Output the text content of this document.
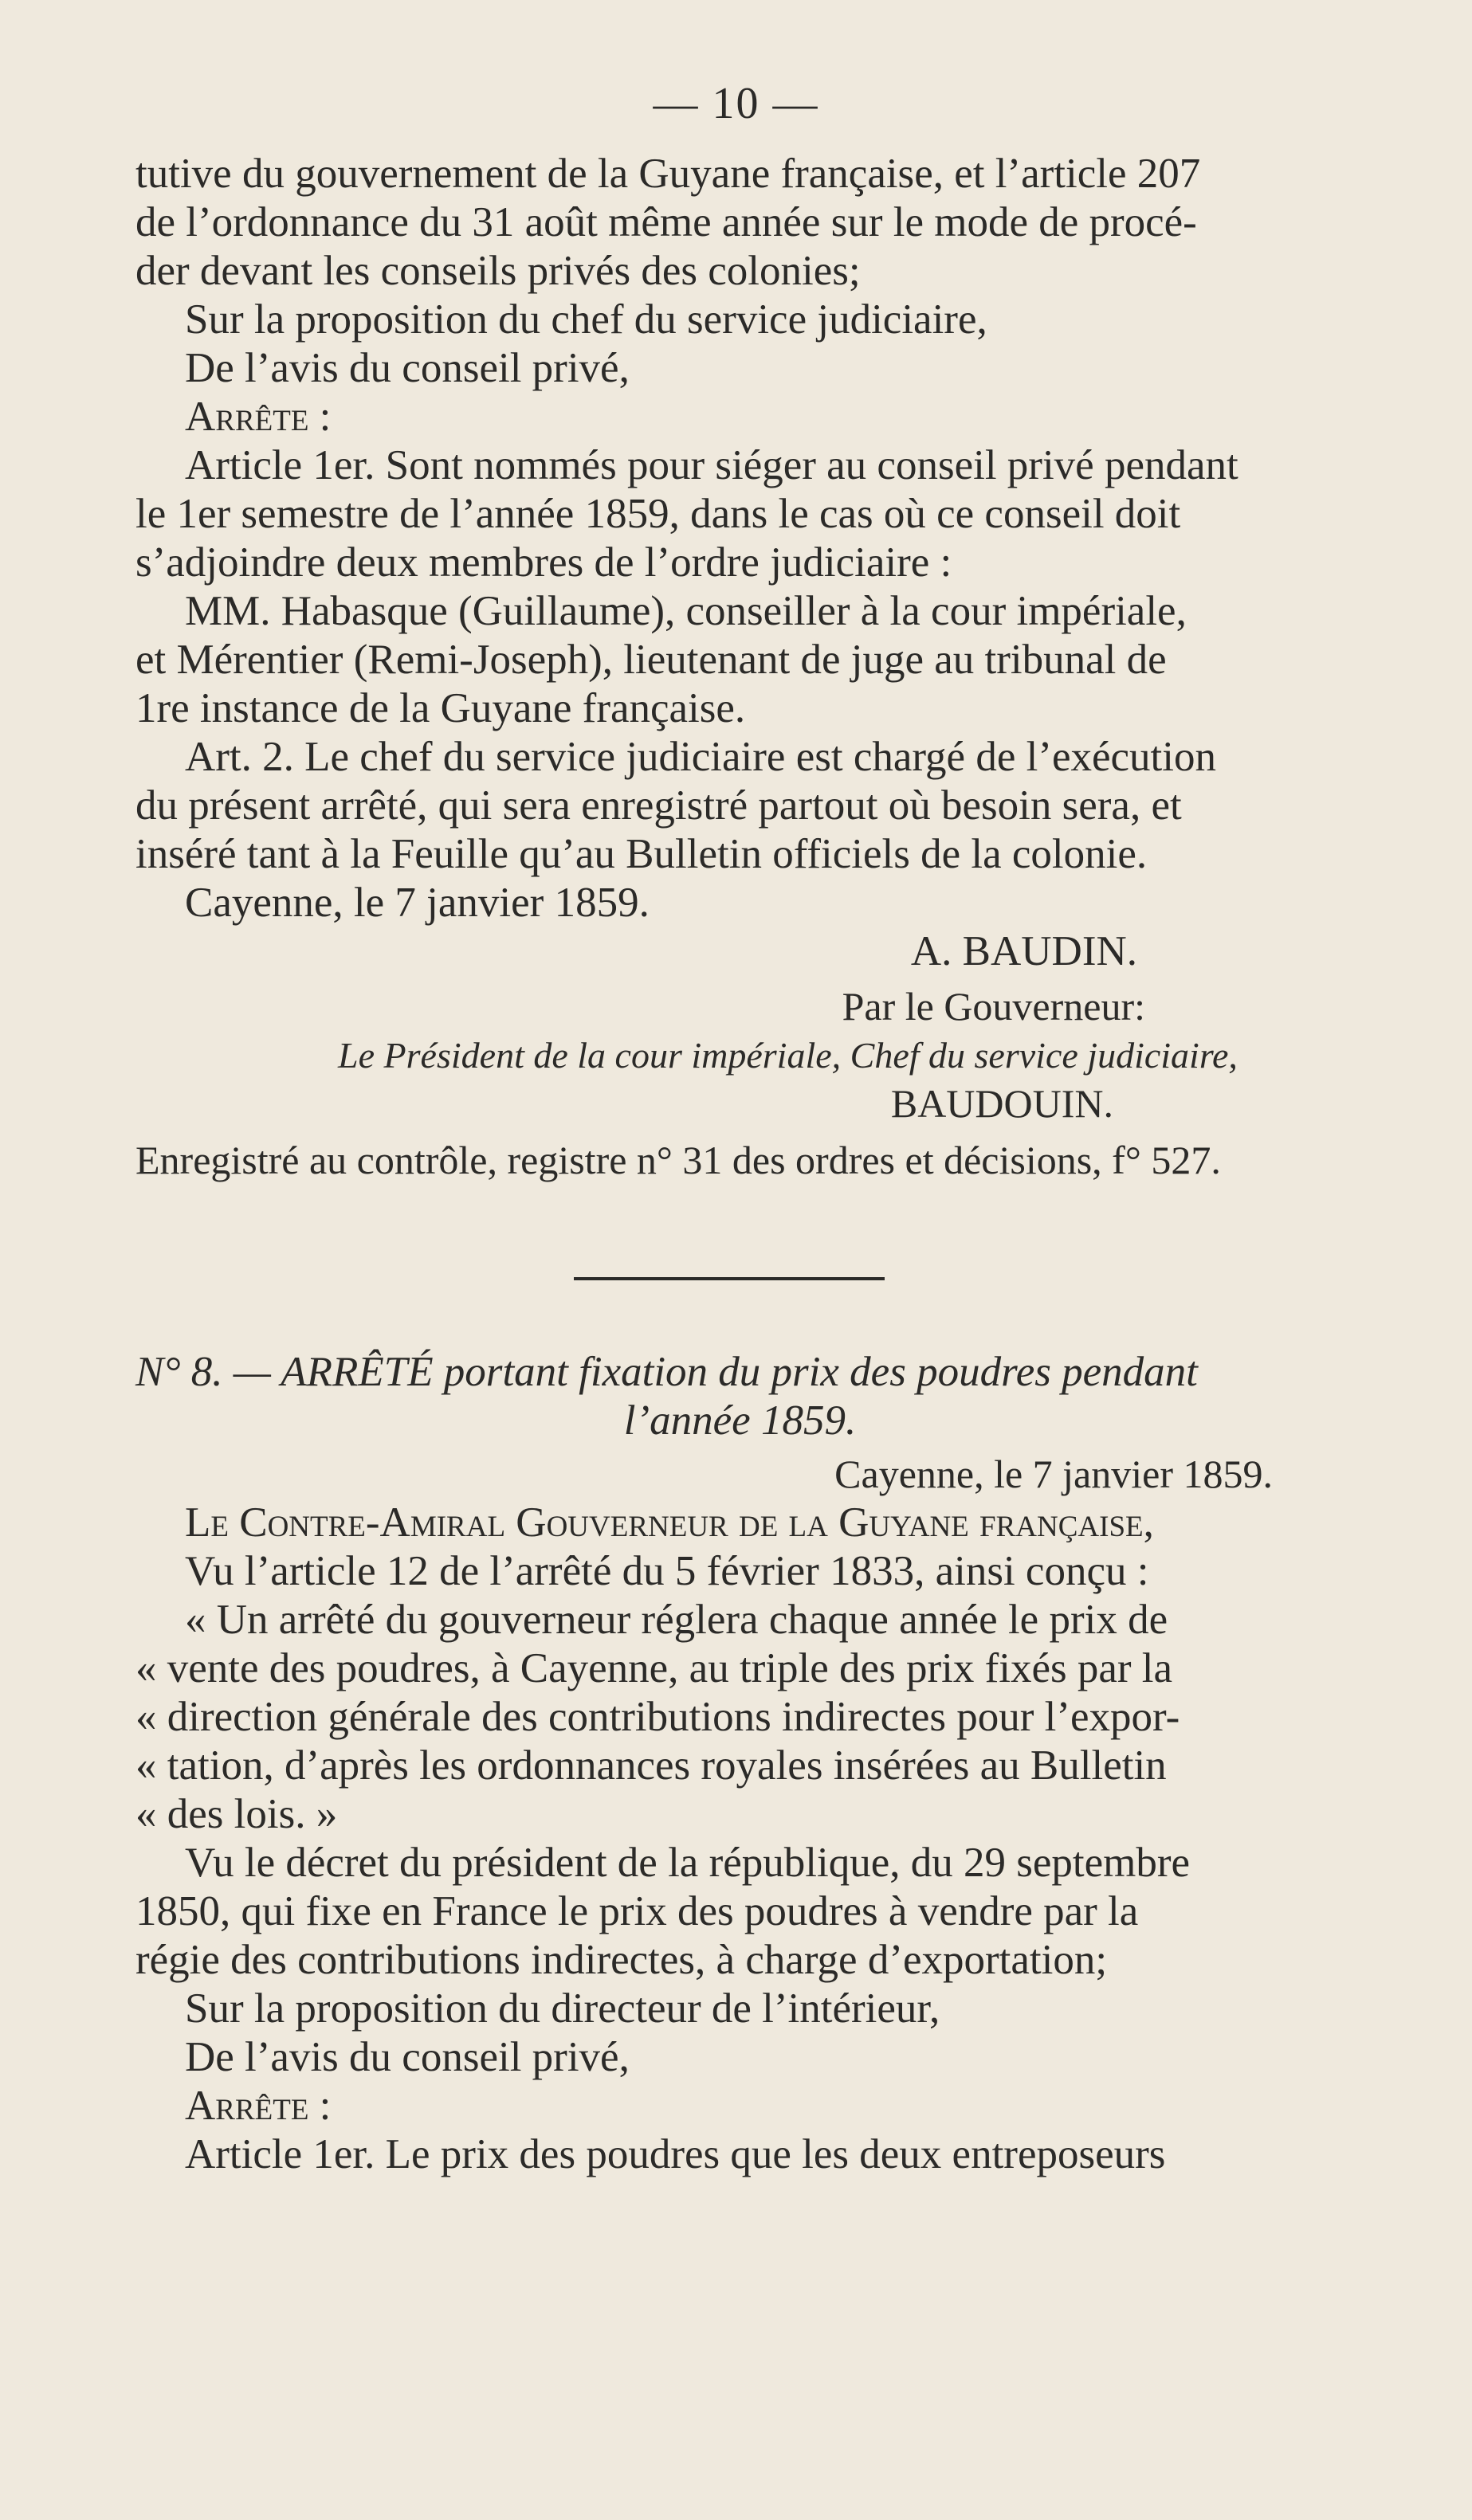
— 10 —

tutive du gouvernement de la Guyane française, et l’article 207

de l’ordonnance du 31 août même année sur le mode de procé-

der devant les conseils privés des colonies;

Sur la proposition du chef du service judiciaire,

De l’avis du conseil privé,

Arrête :

Article 1er. Sont nommés pour siéger au conseil privé pendant

le 1er semestre de l’année 1859, dans le cas où ce conseil doit

s’adjoindre deux membres de l’ordre judiciaire :

MM. Habasque (Guillaume), conseiller à la cour impériale,

et Mérentier (Remi-Joseph), lieutenant de juge au tribunal de

1re instance de la Guyane française.

Art. 2. Le chef du service judiciaire est chargé de l’exécution

du présent arrêté, qui sera enregistré partout où besoin sera, et

inséré tant à la Feuille qu’au Bulletin officiels de la colonie.

Cayenne, le 7 janvier 1859.

A. BAUDIN.

Par le Gouverneur:

Le Président de la cour impériale, Chef du service judiciaire,

BAUDOUIN.

Enregistré au contrôle, registre n° 31 des ordres et décisions, f° 527.

N° 8. — ARRÊTÉ portant fixation du prix des poudres pendant

l’année 1859.

Cayenne, le 7 janvier 1859.

Le Contre-Amiral Gouverneur de la Guyane française,

Vu l’article 12 de l’arrêté du 5 février 1833, ainsi conçu :

« Un arrêté du gouverneur réglera chaque année le prix de

« vente des poudres, à Cayenne, au triple des prix fixés par la

« direction générale des contributions indirectes pour l’expor-

« tation, d’après les ordonnances royales insérées au Bulletin

« des lois. »

Vu le décret du président de la république, du 29 septembre

1850, qui fixe en France le prix des poudres à vendre par la

régie des contributions indirectes, à charge d’exportation;

Sur la proposition du directeur de l’intérieur,

De l’avis du conseil privé,

Arrête :

Article 1er. Le prix des poudres que les deux entreposeurs
